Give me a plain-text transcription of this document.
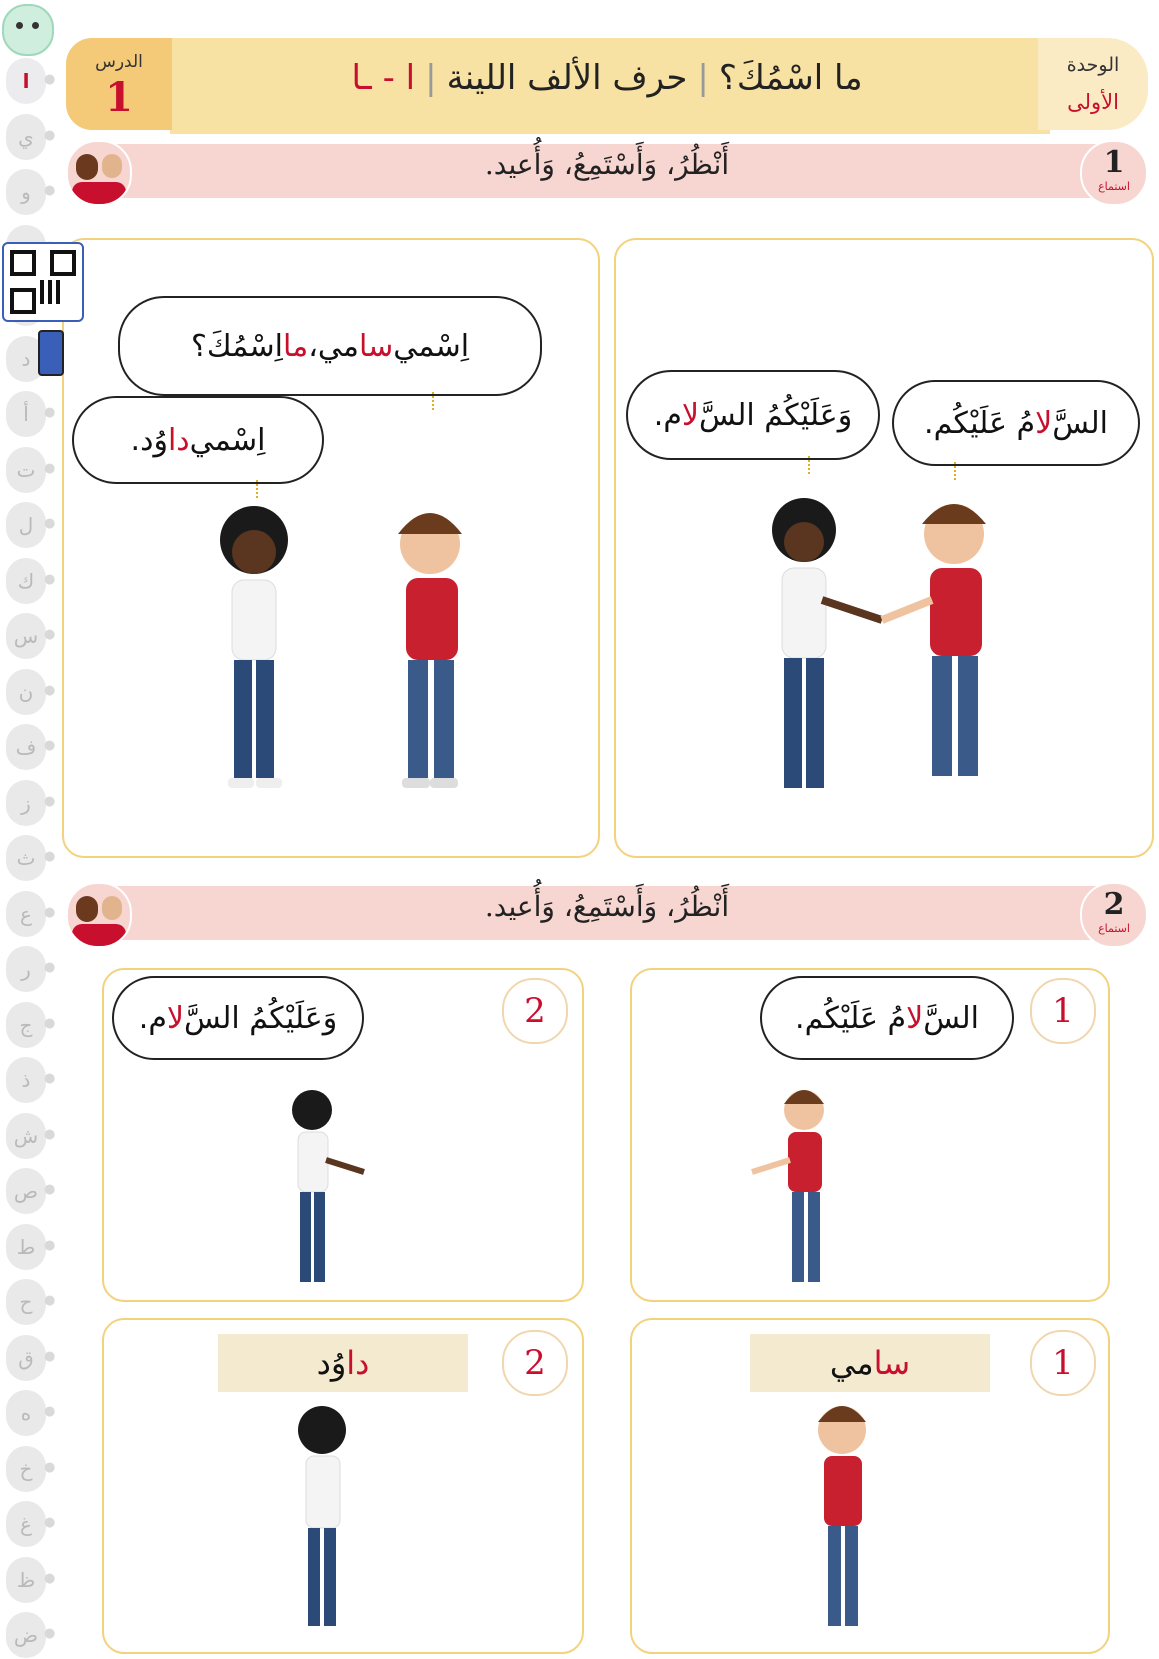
ا	●
ي ●
و	●
د
أ	●
ت ●
ل ●
ك ●
س ●
ن ●
ف ●
ز	●
ث ●
ع ●
ر	●
ج ●
ذ	●
ش ●
ص ●
ط ●
ح ●
ق ●
ه ●
خ ●
غ ●
ظ ●
ض ●
الدرس
1	ما اسْمُكَ؟|حرف الألف اللينة|ا - ـا	الوحدة
الأولى
أَنْظُرُ، وَأَسْتَمِعُ، وَأُعيد.	1
استماع
السَّ
لا
مُ عَلَيْكُم.
وَعَلَيْكُمُ السَّ
لا
م.
اِسْمي
سا
مي،
ما
اِسْمُكَ؟
اِسْمي
دا
وُد.
أَنْظُرُ، وَأَسْتَمِعُ، وَأُعيد.	2
استماع
1
2	السَّ
لا
مُ عَلَيْكُم.
وَعَلَيْكُمُ السَّ
لا
م.
1
2	سا
مي
دا
وُد
